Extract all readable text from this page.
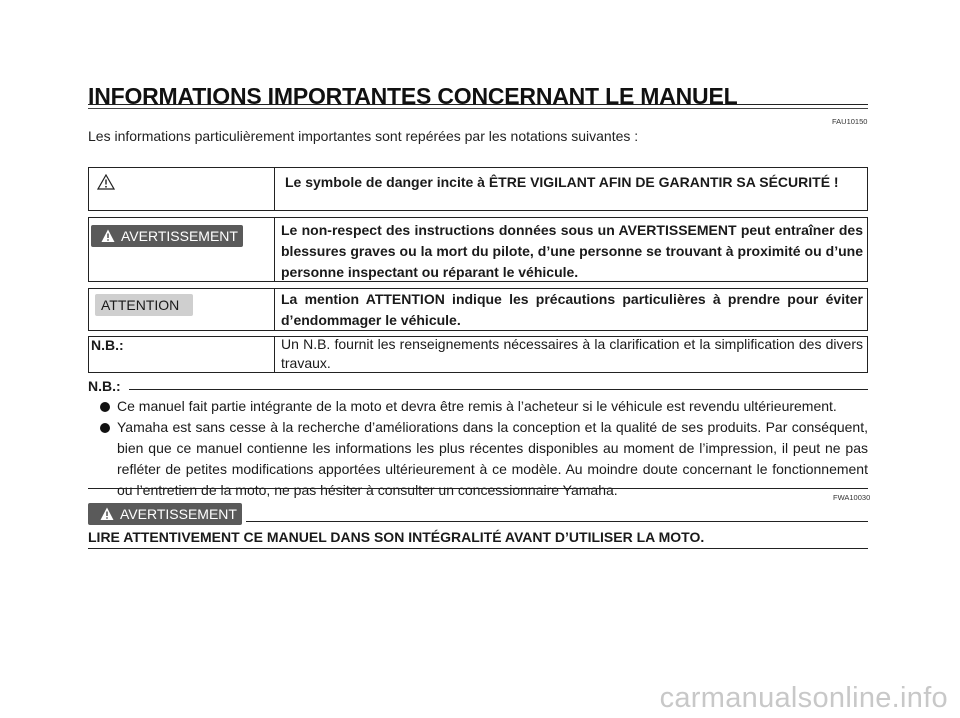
INFORMATIONS IMPORTANTES CONCERNANT LE MANUEL
FAU10150
Les informations particulièrement importantes sont repérées par les notations suivantes :
Le symbole de danger incite à ÊTRE VIGILANT AFIN DE GARANTIR SA SÉCURITÉ !
AVERTISSEMENT	Le non-respect des instructions données sous un AVERTISSEMENT peut entraîner des blessures graves ou la mort du pilote, d’une personne se trouvant à proximité ou d’une personne inspectant ou réparant le véhicule.
ATTENTION	La mention ATTENTION indique les précautions particulières à prendre pour éviter d’endommager le véhicule.
N.B.:	Un N.B. fournit les renseignements nécessaires à la clarification et la simplification des divers travaux.
N.B.:
Ce manuel fait partie intégrante de la moto et devra être remis à l’acheteur si le véhicule est revendu ultérieurement.
Yamaha est sans cesse à la recherche d’améliorations dans la conception et la qualité de ses produits. Par conséquent, bien que ce manuel contienne les informations les plus récentes disponibles au moment de l’impression, il peut ne pas refléter de petites modifications apportées ultérieurement à ce modèle. Au moindre doute concernant le fonctionnement ou l’entretien de la moto, ne pas hésiter à consulter un concessionnaire Yamaha.	FWA10030
AVERTISSEMENT
LIRE ATTENTIVEMENT CE MANUEL DANS SON INTÉGRALITÉ AVANT D’UTILISER LA MOTO.
carmanualsonline.info
